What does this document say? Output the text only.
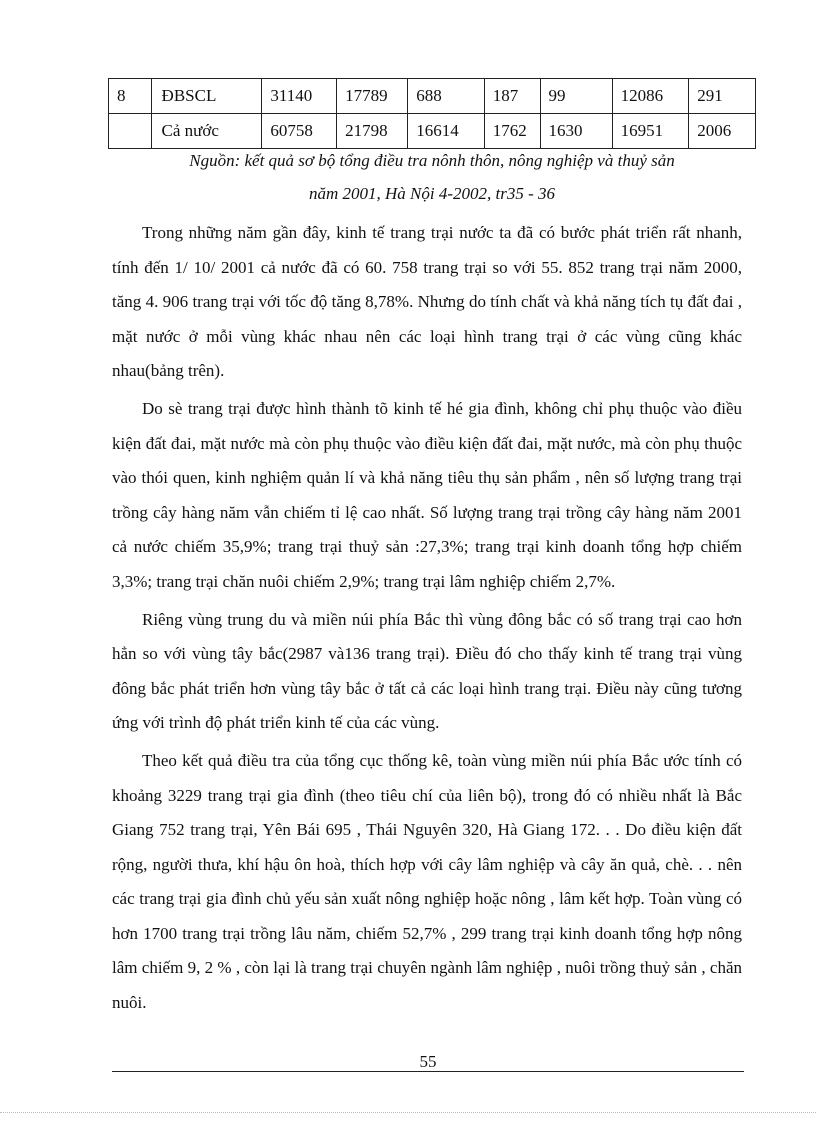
8	ĐBSCL	31140	17789	688	187	99	12086	291
	Cả nước	60758	21798	16614	1762	1630	16951	2006
Nguồn: kết quả sơ bộ tổng điều tra nônh thôn, nông nghiệp và thuỷ sản
năm 2001, Hà Nội 4-2002, tr35 - 36

Trong những năm gần đây, kinh tế trang trại nước ta đã có bước phát triển rất nhanh, tính đến 1/ 10/ 2001 cả nước đã có 60. 758 trang trại so với 55. 852 trang trại năm 2000, tăng 4. 906 trang trại với tốc độ tăng 8,78%. Nhưng do tính chất và khả năng tích tụ đất đai , mặt nước ở mỗi vùng khác nhau nên các loại hình trang trại ở các vùng cũng khác nhau(bảng trên).

Do sè trang trại được hình thành tõ kinh tế hé gia đình, không chỉ phụ thuộc vào điều kiện đất đai, mặt nước mà còn phụ thuộc vào điều kiện đất đai, mặt nước, mà còn phụ thuộc vào thói quen, kinh nghiệm quản lí và khả năng tiêu thụ sản phẩm , nên số lượng trang trại trồng cây hàng năm vẫn chiếm tỉ lệ cao nhất. Số lượng trang trại trồng cây hàng năm 2001 cả nước chiếm 35,9%; trang trại thuỷ sản :27,3%; trang trại kinh doanh tổng hợp chiếm 3,3%; trang trại chăn nuôi chiếm 2,9%; trang trại lâm nghiệp chiếm 2,7%.

Riêng vùng trung du và miền núi phía Bắc thì vùng đông bắc có số trang trại cao hơn hẳn so với vùng tây bắc(2987 và136 trang trại). Điều đó cho thấy kinh tế trang trại vùng đông bắc phát triển hơn vùng tây bắc ở tất cả các loại hình trang trại. Điều này cũng tương ứng với trình độ phát triển kinh tế của các vùng.

Theo kết quả điều tra của tổng cục thống kê, toàn vùng miền núi phía Bắc ước tính có khoảng 3229 trang trại gia đình (theo tiêu chí của liên bộ), trong đó có nhiều nhất là Bắc Giang 752 trang trại, Yên Bái 695 , Thái Nguyên 320, Hà Giang 172. . . Do điều kiện đất rộng, người thưa, khí hậu ôn hoà, thích hợp với cây lâm nghiệp và cây ăn quả, chè. . . nên các trang trại gia đình chủ yếu sản xuất nông nghiệp hoặc nông , lâm kết hợp. Toàn vùng có hơn 1700 trang trại trồng lâu năm, chiếm 52,7% , 299 trang trại kinh doanh tổng hợp nông lâm chiếm 9, 2 % , còn lại là trang trại chuyên ngành lâm nghiệp , nuôi trồng thuỷ sản , chăn nuôi.

55
